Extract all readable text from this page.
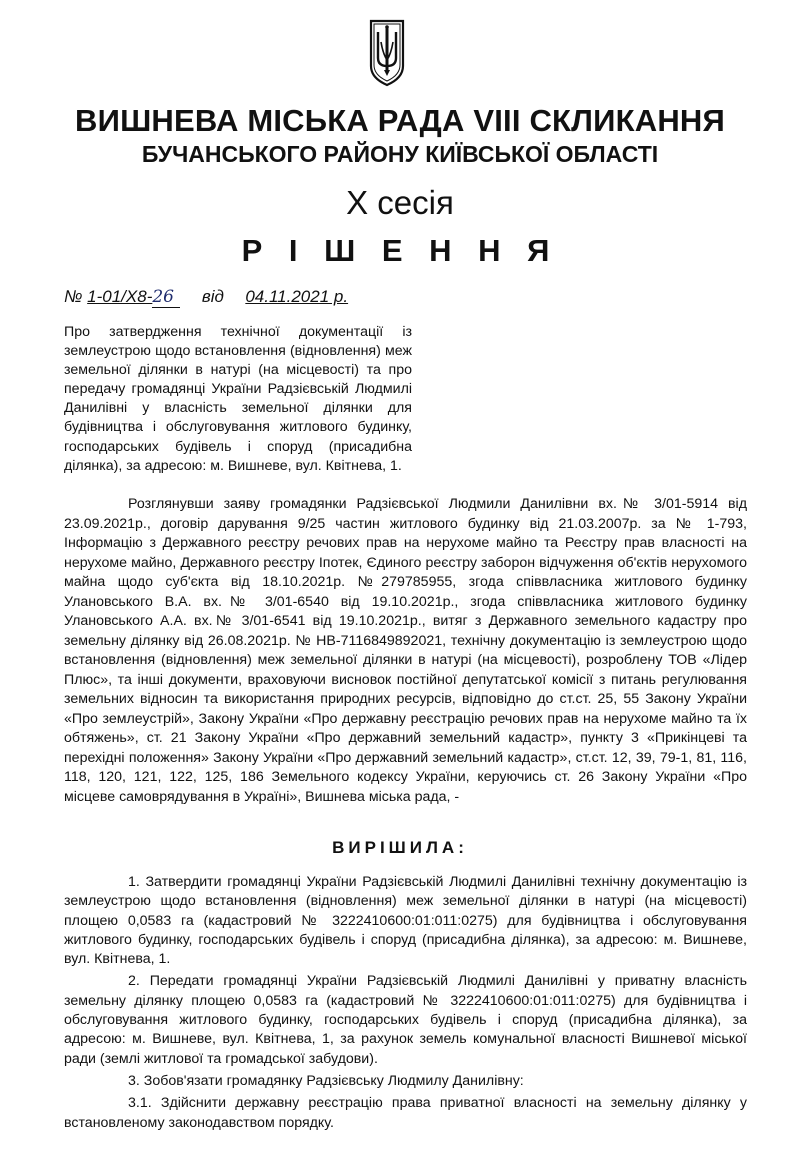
ВИШНЕВА МІСЬКА РАДА VIII СКЛИКАННЯ
БУЧАНСЬКОГО РАЙОНУ КИЇВСЬКОЇ ОБЛАСТІ
X сесія
Р І Ш Е Н Н Я
№ 1-01/X8-26 від 04.11.2021 р.

Про затвердження технічної документації із землеустрою щодо встановлення (відновлення) меж земельної ділянки в натурі (на місцевості) та про передачу громадянці України Радзієвській Людмилі Данилівні у власність земельної ділянки для будівництва і обслуговування житлового будинку, господарських будівель і споруд (присадибна ділянка), за адресою: м. Вишневе, вул. Квітнева, 1.

Розглянувши заяву громадянки Радзієвської Людмили Данилівни вх.№ 3/01-5914 від 23.09.2021р., договір дарування 9/25 частин житлового будинку від 21.03.2007р. за № 1-793, Інформацію з Державного реєстру речових прав на нерухоме майно та Реєстру прав власності на нерухоме майно, Державного реєстру Іпотек, Єдиного реєстру заборон відчуження об'єктів нерухомого майна щодо суб'єкта від 18.10.2021р. №279785955, згода співвласника житлового будинку Улановського В.А. вх.№ 3/01-6540 від 19.10.2021р., згода співвласника житлового будинку Улановського А.А. вх.№ 3/01-6541 від 19.10.2021р., витяг з Державного земельного кадастру про земельну ділянку від 26.08.2021р. № НВ-7116849892021, технічну документацію із землеустрою щодо встановлення (відновлення) меж земельної ділянки в натурі (на місцевості), розроблену ТОВ «Лідер Плюс», та інші документи, враховуючи висновок постійної депутатської комісії з питань регулювання земельних відносин та використання природних ресурсів, відповідно до ст.ст. 25, 55 Закону України «Про землеустрій», Закону України «Про державну реєстрацію речових прав на нерухоме майно та їх обтяжень», ст. 21 Закону України «Про державний земельний кадастр», пункту 3 «Прикінцеві та перехідні положення» Закону України «Про державний земельний кадастр», ст.ст. 12, 39, 79-1, 81, 116, 118, 120, 121, 122, 125, 186 Земельного кодексу України, керуючись ст. 26 Закону України «Про місцеве самоврядування в Україні», Вишнева міська рада, -

ВИРІШИЛА:

1. Затвердити громадянці України Радзієвській Людмилі Данилівні технічну документацію із землеустрою щодо встановлення (відновлення) меж земельної ділянки в натурі (на місцевості) площею 0,0583 га (кадастровий № 3222410600:01:011:0275) для будівництва і обслуговування житлового будинку, господарських будівель і споруд (присадибна ділянка), за адресою: м. Вишневе, вул. Квітнева, 1.

2. Передати громадянці України Радзієвській Людмилі Данилівні у приватну власність земельну ділянку площею 0,0583 га (кадастровий № 3222410600:01:011:0275) для будівництва і обслуговування житлового будинку, господарських будівель і споруд (присадибна ділянка), за адресою: м. Вишневе, вул. Квітнева, 1, за рахунок земель комунальної власності Вишневої міської ради (землі житлової та громадської забудови).

3. Зобов'язати громадянку Радзієвську Людмилу Данилівну:

3.1. Здійснити державну реєстрацію права приватної власності на земельну ділянку у встановленому законодавством порядку.
